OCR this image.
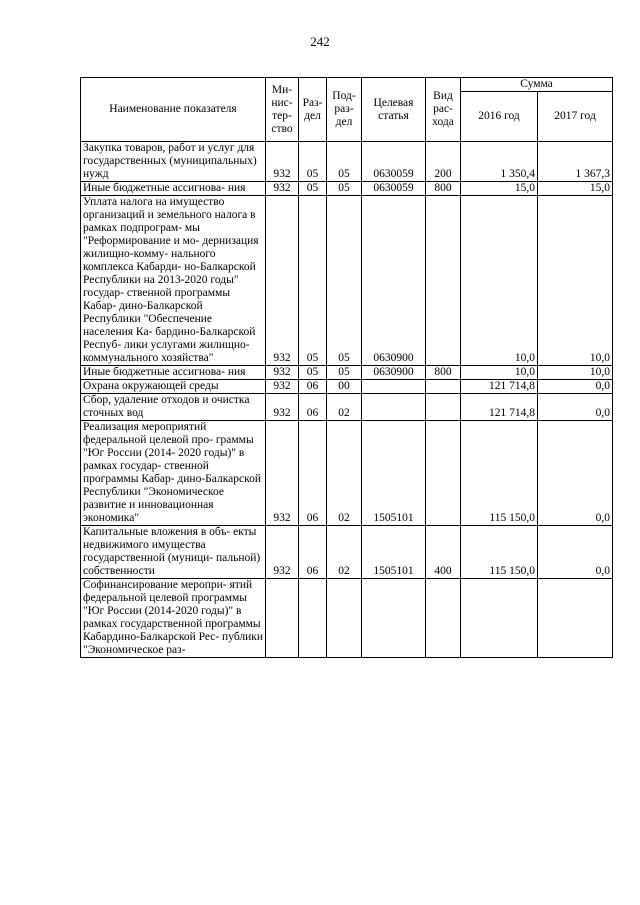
242
Наименование показателя	Ми- нис- тер- ство	Раз- дел	Под- раз- дел	Целевая статья	Вид рас- хода	Сумма	
						2016 год	2017 год
Закупка товаров, работ и услуг для государственных (муниципальных) нужд	932	05	05	0630059	200	1 350,4	1 367,3
Иные бюджетные ассигнова- ния	932	05	05	0630059	800	15,0	15,0
Уплата налога на имущество организаций и земельного налога в рамках подпрограм- мы "Реформирование и мо- дернизация жилищно-комму- нального комплекса Кабарди- но-Балкарской Республики на 2013-2020 годы" государ- ственной программы Кабар- дино-Балкарской Республики "Обеспечение населения Ка- бардино-Балкарской Респуб- лики услугами жилищно- коммунального хозяйства"	932	05	05	0630900		10,0	10,0
Иные бюджетные ассигнова- ния	932	05	05	0630900	800	10,0	10,0
Охрана окружающей среды	932	06	00			121 714,8	0,0
Сбор, удаление отходов и очистка сточных вод	932	06	02			121 714,8	0,0
Реализация мероприятий федеральной целевой про- граммы "Юг России (2014- 2020 годы)" в рамках государ- ственной программы Кабар- дино-Балкарской Республики "Экономическое развитие и инновационная экономика"	932	06	02	1505101		115 150,0	0,0
Капитальные вложения в объ- екты недвижимого имущества государственной (муници- пальной) собственности	932	06	02	1505101	400	115 150,0	0,0
Софинансирование меропри- ятий федеральной целевой программы "Юг России (2014-2020 годы)" в рамках государственной программы Кабардино-Балкарской Рес- публики "Экономическое раз-							
